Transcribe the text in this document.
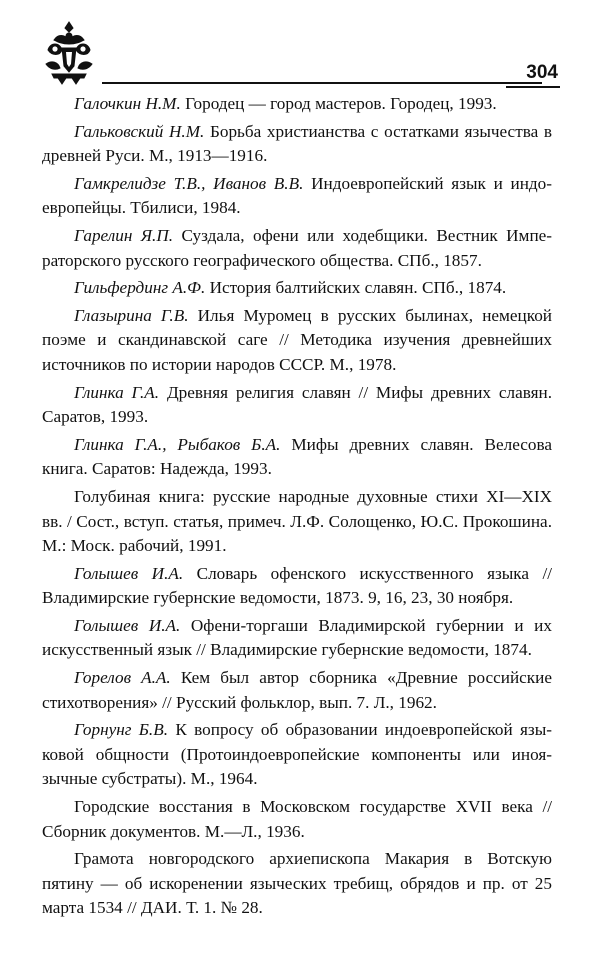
304

Галочкин Н.М. Городец — город мастеров. Городец, 1993.

Гальковский Н.М. Борьба христианства с остатками язычества в древней Руси. М., 1913—1916.

Гамкрелидзе Т.В., Иванов В.В. Индоевропейский язык и индоевропейцы. Тбилиси, 1984.

Гарелин Я.П. Суздала, офени или ходебщики. Вестник Императорского русского географического общества. СПб., 1857.

Гильфердинг А.Ф. История балтийских славян. СПб., 1874.

Глазырина Г.В. Илья Муромец в русских былинах, немецкой поэме и скандинавской саге // Методика изучения древнейших источников по истории народов СССР. М., 1978.

Глинка Г.А. Древняя религия славян // Мифы древних славян. Саратов, 1993.

Глинка Г.А., Рыбаков Б.А. Мифы древних славян. Велесова книга. Саратов: Надежда, 1993.

Голубиная книга: русские народные духовные стихи XI—XIX вв. / Сост., вступ. статья, примеч. Л.Ф. Солощенко, Ю.С. Прокошина. М.: Моск. рабочий, 1991.

Голышев И.А. Словарь офенского искусственного языка // Владимирские губернские ведомости, 1873. 9, 16, 23, 30 ноября.

Голышев И.А. Офени-торгаши Владимирской губернии и их искусственный язык // Владимирские губернские ведомости, 1874.

Горелов А.А. Кем был автор сборника «Древние российские стихотворения» // Русский фольклор, вып. 7. Л., 1962.

Горнунг Б.В. К вопросу об образовании индоевропейской языковой общности (Протоиндоевропейские компоненты или иноязычные субстраты). М., 1964.

Городские восстания в Московском государстве XVII века // Сборник документов. М.—Л., 1936.

Грамота новгородского архиепископа Макария в Вотскую пятину — об искоренении языческих требищ, обрядов и пр. от 25 марта 1534 // ДАИ. Т. 1. № 28.
